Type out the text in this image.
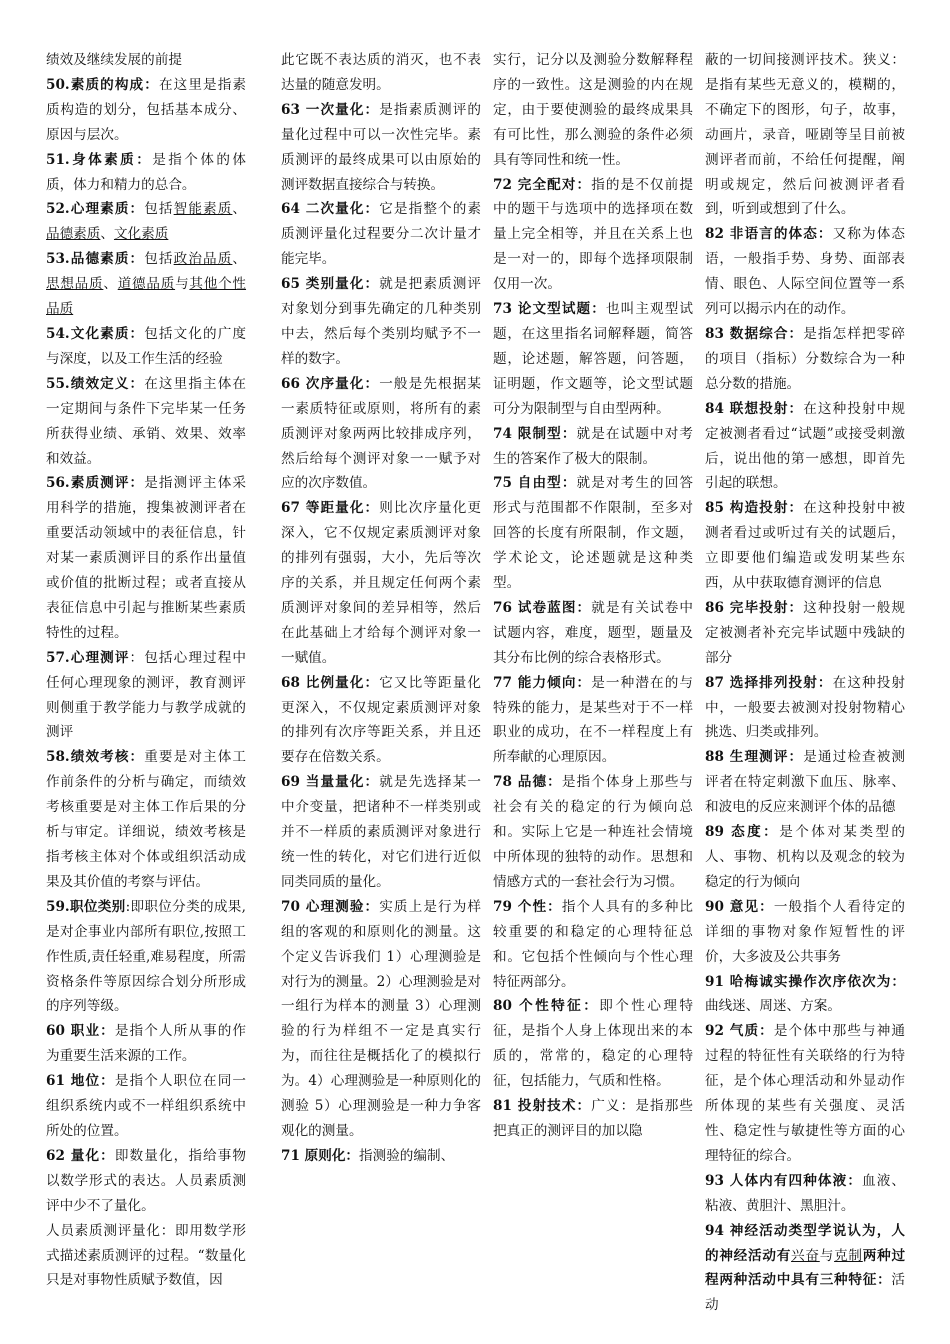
绩效及继续发展的前提

50.素质的构成：在这里是指素质构造的划分，包括基本成分、原因与层次。

51.身体素质：是指个体的体质，体力和精力的总合。

52.心理素质：包括智能素质、品德素质、文化素质

53.品德素质：包括政治品质、思想品质、道德品质与其他个性品质

54.文化素质：包括文化的广度与深度，以及工作生活的经验

55.绩效定义：在这里指主体在一定期间与条件下完毕某一任务所获得业绩、承销、效果、效率和效益。

56.素质测评：是指测评主体采用科学的措施，搜集被测评者在重要活动领域中的表征信息，针对某一素质测评目的系作出量值或价值的批断过程；或者直接从表征信息中引起与推断某些素质特性的过程。

57.心理测评：包括心理过程中任何心理现象的测评，教育测评则侧重于教学能力与教学成就的测评

58.绩效考核：重要是对主体工作前条件的分析与确定，而绩效考核重要是对主体工作后果的分析与审定。详细说，绩效考核是指考核主体对个体或组织活动成果及其价值的考察与评估。

59.职位类别:即职位分类的成果,是对企事业内部所有职位,按照工作性质,责任轻重,难易程度，所需资格条件等原因综合划分所形成的序列等级。

60 职业：是指个人所从事的作为重要生活来源的工作。

61 地位：是指个人职位在同一组织系统内或不一样组织系统中所处的位置。

62 量化：即数量化，指给事物以数学形式的表达。人员素质测评中少不了量化。

人员素质测评量化：即用数学形式描述素质测评的过程。“数量化只是对事物性质赋予数值，因

此它既不表达质的消灭，也不表达量的随意发明。

63 一次量化：是指素质测评的量化过程中可以一次性完毕。素质测评的最终成果可以由原始的测评数据直接综合与转换。

64 二次量化：它是指整个的素质测评量化过程要分二次计量才能完毕。

65 类别量化：就是把素质测评对象划分到事先确定的几种类别中去，然后每个类别均赋予不一样的数字。

66 次序量化：一般是先根据某一素质特征或原则，将所有的素质测评对象两两比较排成序列，然后给每个测评对象一一赋予对应的次序数值。

67 等距量化：则比次序量化更深入，它不仅规定素质测评对象的排列有强弱，大小，先后等次序的关系，并且规定任何两个素质测评对象间的差异相等，然后在此基础上才给每个测评对象一一赋值。

68 比例量化：它又比等距量化更深入，不仅规定素质测评对象的排列有次序等距关系，并且还要存在倍数关系。

69 当量量化：就是先选择某一中介变量，把诸种不一样类别或并不一样质的素质测评对象进行统一性的转化，对它们进行近似同类同质的量化。

70 心理测验：实质上是行为样组的客观的和原则化的测量。这个定义告诉我们 1）心理测验是对行为的测量。2）心理测验是对一组行为样本的测量 3）心理测验的行为样组不一定是真实行为，而往往是概括化了的模拟行为。4）心理测验是一种原则化的测验 5）心理测验是一种力争客观化的测量。

71 原则化：指测验的编制、

实行，记分以及测验分数解释程序的一致性。这是测验的内在规定，由于要使测验的最终成果具有可比性，那么测验的条件必须具有等同性和统一性。

72 完全配对：指的是不仅前提中的题干与选项中的选择项在数量上完全相等，并且在关系上也是一对一的，即每个选择项限制仅用一次。

73 论文型试题：也叫主观型试题，在这里指名词解释题，简答题，论述题，解答题，问答题，证明题，作文题等，论文型试题可分为限制型与自由型两种。

74 限制型：就是在试题中对考生的答案作了极大的限制。

75 自由型：就是对考生的回答形式与范围都不作限制，至多对回答的长度有所限制，作文题，学术论文，论述题就是这种类型。

76 试卷蓝图：就是有关试卷中试题内容，难度，题型，题量及其分布比例的综合表格形式。

77 能力倾向：是一种潜在的与特殊的能力，是某些对于不一样职业的成功，在不一样程度上有所奉献的心理原因。

78 品德：是指个体身上那些与社会有关的稳定的行为倾向总和。实际上它是一种连社会情境中所体现的独特的动作。思想和情感方式的一套社会行为习惯。

79 个性：指个人具有的多种比较重要的和稳定的心理特征总和。它包括个性倾向与个性心理特征两部分。

80 个性特征：即个性心理特征，是指个人身上体现出来的本质的，常常的，稳定的心理特征，包括能力，气质和性格。

81 投射技术：广义：是指那些把真正的测评目的加以隐

蔽的一切间接测评技术。狭义：是指有某些无意义的，模糊的，不确定下的图形，句子，故事，动画片，录音，哑剧等呈目前被测评者而前，不给任何提醒，阐明或规定，然后问被测评者看到，听到或想到了什么。

82 非语言的体态：又称为体态语，一般指手势、身势、面部表情、眼色、人际空间位置等一系列可以揭示内在的动作。

83 数据综合：是指怎样把零碎的项目（指标）分数综合为一种总分数的措施。

84 联想投射：在这种投射中规定被测者看过“试题”或接受刺激后，说出他的第一感想，即首先引起的联想。

85 构造投射：在这种投射中被测者看过或听过有关的试题后，立即要他们编造或发明某些东西，从中获取德育测评的信息

86 完毕投射：这种投射一般规定被测者补充完毕试题中残缺的部分

87 选择排列投射：在这种投射中，一般要去被测对投射物精心挑选、归类或排列。

88 生理测评：是通过检查被测评者在特定刺激下血压、脉率、和波电的反应来测评个体的品德

89 态度：是个体对某类型的人、事物、机构以及观念的较为稳定的行为倾向

90 意见：一般指个人看待定的详细的事物对象作短暂性的评价，大多波及公共事务

91 哈梅诚实操作次序依次为：曲线迷、周迷、方案。

92 气质：是个体中那些与神通过程的特征性有关联络的行为特征，是个体心理活动和外显动作所体现的某些有关强度、灵活性、稳定性与敏捷性等方面的心理特征的综合。

93 人体内有四种体液：血液、粘液、黄胆汁、黑胆汁。

94 神经活动类型学说认为，人的神经活动有兴奋与克制两种过程两种活动中具有三种特征：活动
